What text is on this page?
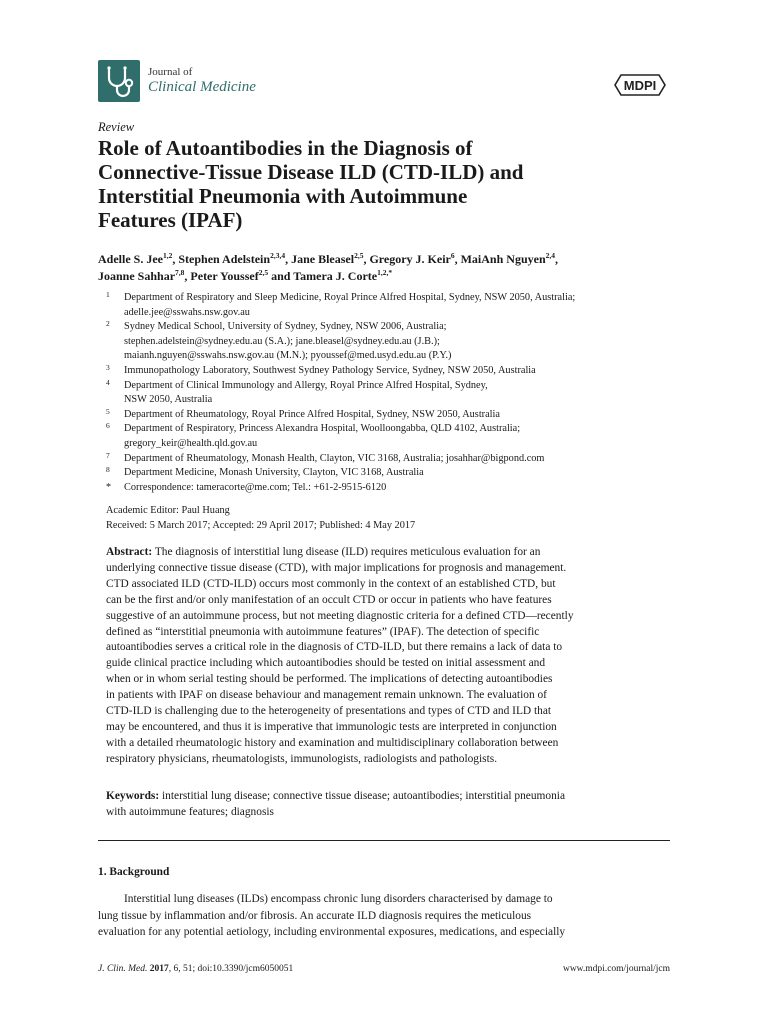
Journal of
Clinical Medicine	MDPI
Review
Role of Autoantibodies in the Diagnosis of
Connective-Tissue Disease ILD (CTD-ILD) and
Interstitial Pneumonia with Autoimmune
Features (IPAF)
Adelle S. Jee$^{1,2}$, Stephen Adelstein$^{2,3,4}$, Jane Bleasel$^{2,5}$, Gregory J. Keir$^6$, MaiAnh Nguyen$^{2,4}$,
Joanne Sahhar$^{7,8}$, Peter Youssef$^{2,5}$ and Tamera J. Corte$^{1,2,*}$
1 Department of Respiratory and Sleep Medicine, Royal Prince Alfred Hospital, Sydney, NSW 2050, Australia;
adelle.jee@sswahs.nsw.gov.au
2 Sydney Medical School, University of Sydney, Sydney, NSW 2006, Australia;
stephen.adelstein@sydney.edu.au (S.A.); jane.bleasel@sydney.edu.au (J.B.);
maianh.nguyen@sswahs.nsw.gov.au (M.N.); pyoussef@med.usyd.edu.au (P.Y.)
3 Immunopathology Laboratory, Southwest Sydney Pathology Service, Sydney, NSW 2050, Australia
4 Department of Clinical Immunology and Allergy, Royal Prince Alfred Hospital, Sydney,
NSW 2050, Australia
5 Department of Rheumatology, Royal Prince Alfred Hospital, Sydney, NSW 2050, Australia
6 Department of Respiratory, Princess Alexandra Hospital, Woolloongabba, QLD 4102, Australia;
gregory_keir@health.qld.gov.au
7 Department of Rheumatology, Monash Health, Clayton, VIC 3168, Australia; josahhar@bigpond.com
8 Department Medicine, Monash University, Clayton, VIC 3168, Australia
* Correspondence: tameracorte@me.com; Tel.: +61-2-9515-6120
Academic Editor: Paul Huang
Received: 5 March 2017; Accepted: 29 April 2017; Published: 4 May 2017
Abstract: The diagnosis of interstitial lung disease (ILD) requires meticulous evaluation for an
underlying connective tissue disease (CTD), with major implications for prognosis and management.
CTD associated ILD (CTD-ILD) occurs most commonly in the context of an established CTD, but
can be the first and/or only manifestation of an occult CTD or occur in patients who have features
suggestive of an autoimmune process, but not meeting diagnostic criteria for a defined CTD—recently
defined as “interstitial pneumonia with autoimmune features” (IPAF). The detection of specific
autoantibodies serves a critical role in the diagnosis of CTD-ILD, but there remains a lack of data to
guide clinical practice including which autoantibodies should be tested on initial assessment and
when or in whom serial testing should be performed. The implications of detecting autoantibodies
in patients with IPAF on disease behaviour and management remain unknown. The evaluation of
CTD-ILD is challenging due to the heterogeneity of presentations and types of CTD and ILD that
may be encountered, and thus it is imperative that immunologic tests are interpreted in conjunction
with a detailed rheumatologic history and examination and multidisciplinary collaboration between
respiratory physicians, rheumatologists, immunologists, radiologists and pathologists.
Keywords: interstitial lung disease; connective tissue disease; autoantibodies; interstitial pneumonia
with autoimmune features; diagnosis
1. Background
Interstitial lung diseases (ILDs) encompass chronic lung disorders characterised by damage to
lung tissue by inflammation and/or fibrosis. An accurate ILD diagnosis requires the meticulous
evaluation for any potential aetiology, including environmental exposures, medications, and especially
J. Clin. Med. 2017, 6, 51; doi:10.3390/jcm6050051	www.mdpi.com/journal/jcm
